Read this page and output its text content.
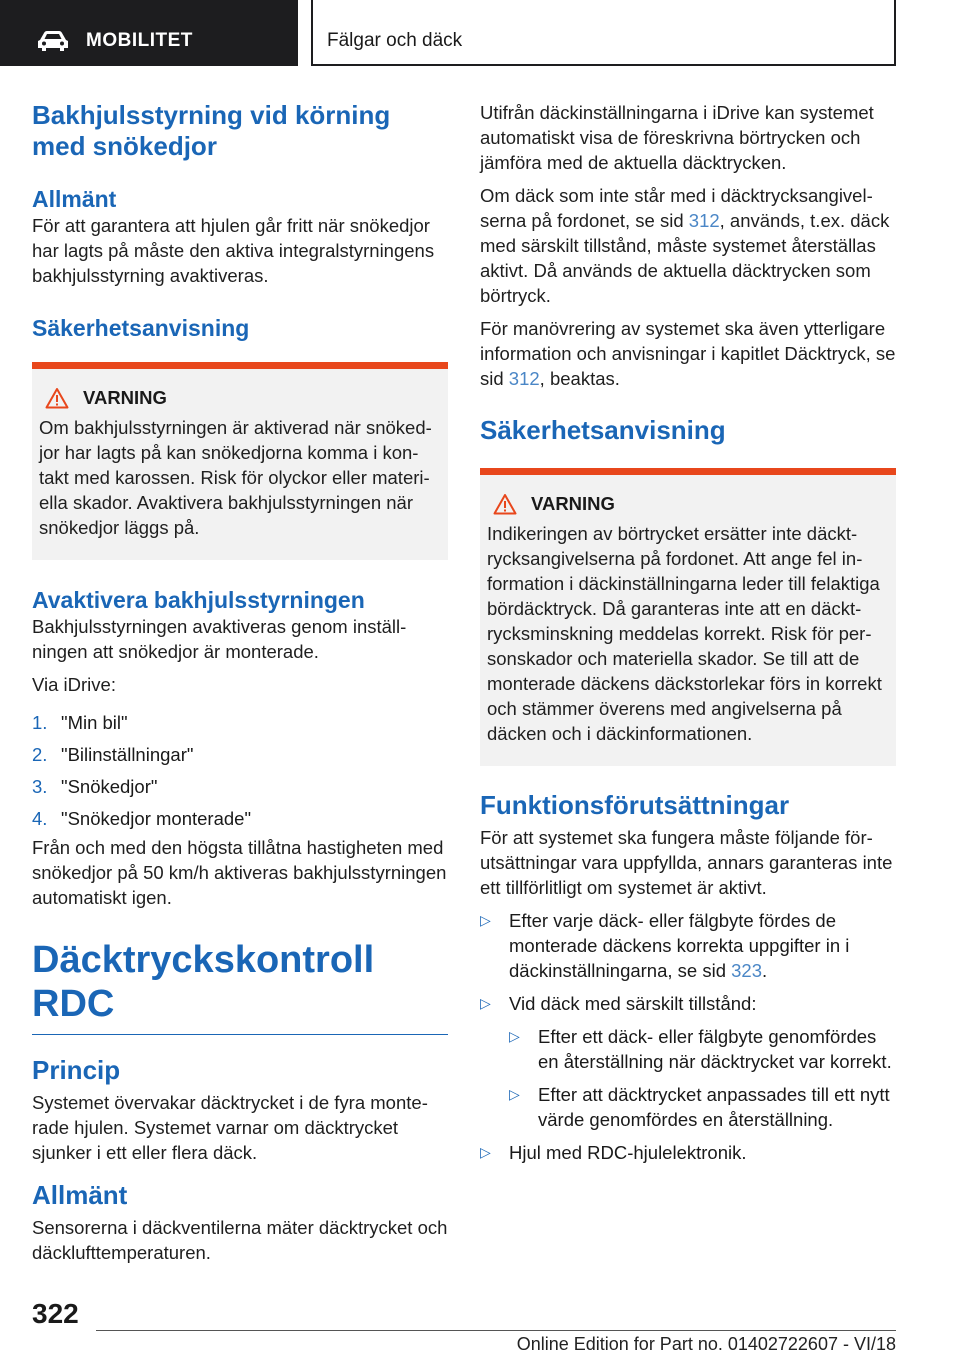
MOBILITET	Fälgar och däck
Bakhjulsstyrning vid körning med snökedjor
Allmänt

För att garantera att hjulen går fritt när snökedjor har lagts på måste den aktiva integralstyrningens bakhjulsstyrning avaktiveras.

Säkerhetsanvisning
VARNING

Om bakhjulsstyrningen är aktiverad när snökedjor har lagts på kan snökedjorna komma i kontakt med karossen. Risk för olyckor eller materiella skador. Avaktivera bakhjulsstyrningen när snökedjor läggs på.

Avaktivera bakhjulsstyrningen

Bakhjulsstyrningen avaktiveras genom inställningen att snökedjor är monterade.

Via iDrive:

1. "Min bil"
2. "Bilinställningar"
3. "Snökedjor"
4. "Snökedjor monterade"

Från och med den högsta tillåtna hastigheten med snökedjor på 50 km/h aktiveras bakhjulsstyrningen automatiskt igen.

Däcktryckskontroll RDC
Princip

Systemet övervakar däcktrycket i de fyra monterade hjulen. Systemet varnar om däcktrycket sjunker i ett eller flera däck.

Allmänt

Sensorerna i däckventilerna mäter däcktrycket och däcklufttemperaturen.

Utifrån däckinställningarna i iDrive kan systemet automatiskt visa de föreskrivna börtrycken och jämföra med de aktuella däcktrycken.

Om däck som inte står med i däcktrycksangivelserna på fordonet, se sid 312, används, t.ex. däck med särskilt tillstånd, måste systemet återställas aktivt. Då används de aktuella däcktrycken som börtryck.

För manövrering av systemet ska även ytterligare information och anvisningar i kapitlet Däcktryck, se sid 312, beaktas.

Säkerhetsanvisning
VARNING

Indikeringen av börtrycket ersätter inte däcktrycksangivelserna på fordonet. Att ange fel information i däckinställningarna leder till felaktiga bördäcktryck. Då garanteras inte att en däcktrycksminskning meddelas korrekt. Risk för personskador och materiella skador. Se till att de monterade däckens däckstorlekar förs in korrekt och stämmer överens med angivelserna på däcken och i däckinformationen.

Funktionsförutsättningar

För att systemet ska fungera måste följande förutsättningar vara uppfyllda, annars garanteras inte ett tillförlitligt om systemet är aktivt.

▷ Efter varje däck- eller fälgbyte fördes de monterade däckens korrekta uppgifter in i däckinställningarna, se sid 323.
▷ Vid däck med särskilt tillstånd:
▷ Efter ett däck- eller fälgbyte genomfördes en återställning när däcktrycket var korrekt.
▷ Efter att däcktrycket anpassades till ett nytt värde genomfördes en återställning.
▷ Hjul med RDC-hjulelektronik.
322
Online Edition for Part no. 01402722607 - VI/18
